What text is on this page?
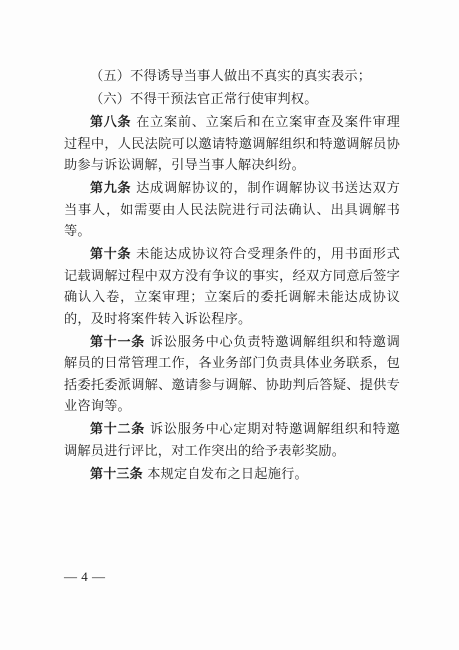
（五）不得诱导当事人做出不真实的真实表示；

（六）不得干预法官正常行使审判权。

第八条 在立案前、立案后和在立案审查及案件审理过程中，人民法院可以邀请特邀调解组织和特邀调解员协助参与诉讼调解，引导当事人解决纠纷。

第九条 达成调解协议的，制作调解协议书送达双方当事人，如需要由人民法院进行司法确认、出具调解书等。

第十条 未能达成协议符合受理条件的，用书面形式记载调解过程中双方没有争议的事实，经双方同意后签字确认入卷，立案审理；立案后的委托调解未能达成协议的，及时将案件转入诉讼程序。

第十一条 诉讼服务中心负责特邀调解组织和特邀调解员的日常管理工作，各业务部门负责具体业务联系，包括委托委派调解、邀请参与调解、协助判后答疑、提供专业咨询等。

第十二条 诉讼服务中心定期对特邀调解组织和特邀调解员进行评比，对工作突出的给予表彰奖励。

第十三条 本规定自发布之日起施行。

— 4 —
